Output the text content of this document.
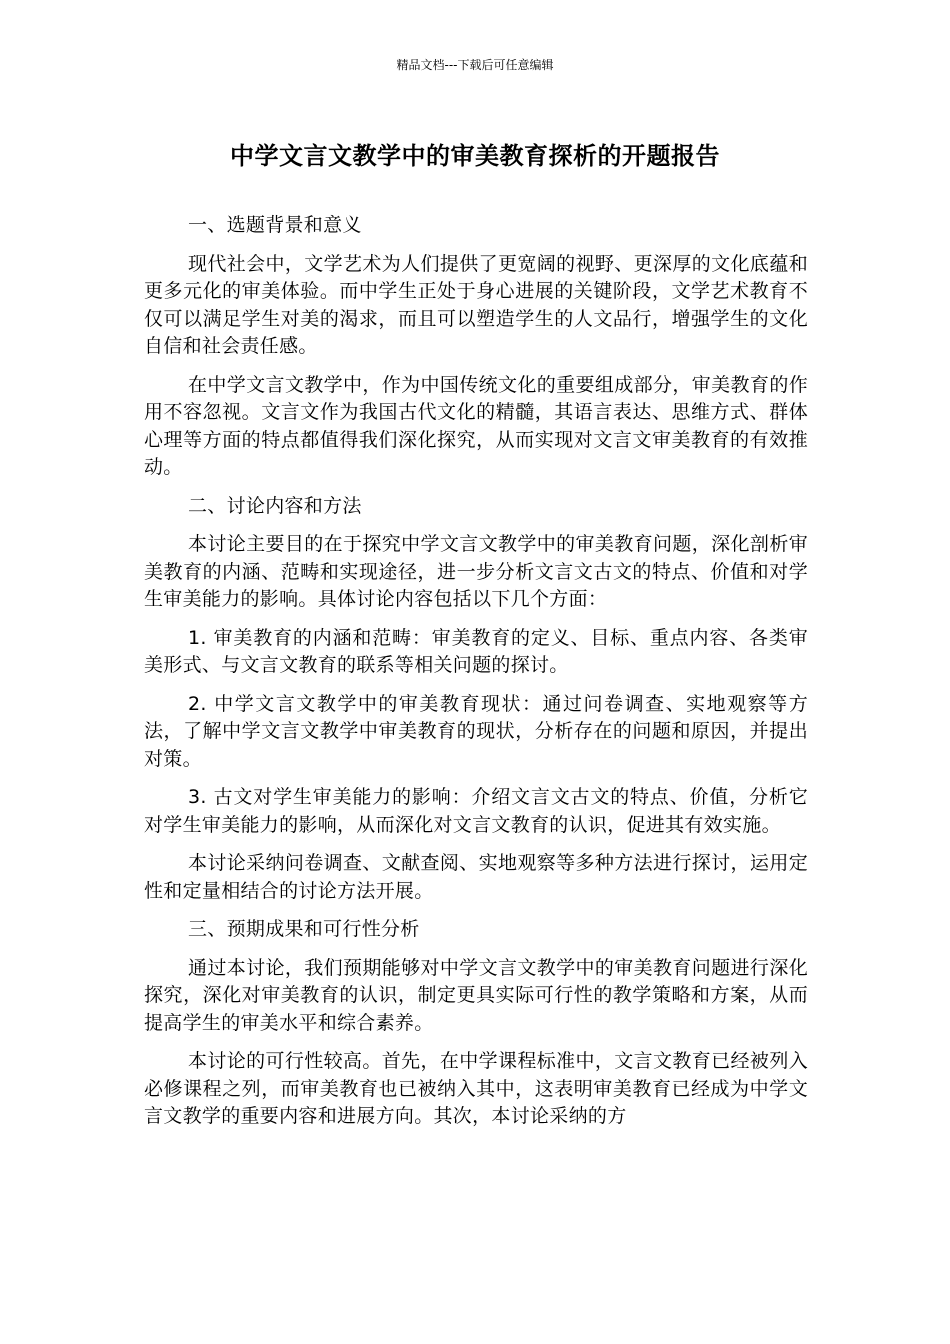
精品文档---下载后可任意编辑
中学文言文教学中的审美教育探析的开题报告

一、选题背景和意义

现代社会中，文学艺术为人们提供了更宽阔的视野、更深厚的文化底蕴和更多元化的审美体验。而中学生正处于身心进展的关键阶段，文学艺术教育不仅可以满足学生对美的渴求，而且可以塑造学生的人文品行，增强学生的文化自信和社会责任感。

在中学文言文教学中，作为中国传统文化的重要组成部分，审美教育的作用不容忽视。文言文作为我国古代文化的精髓，其语言表达、思维方式、群体心理等方面的特点都值得我们深化探究，从而实现对文言文审美教育的有效推动。

二、讨论内容和方法

本讨论主要目的在于探究中学文言文教学中的审美教育问题，深化剖析审美教育的内涵、范畴和实现途径，进一步分析文言文古文的特点、价值和对学生审美能力的影响。具体讨论内容包括以下几个方面：

1. 审美教育的内涵和范畴：审美教育的定义、目标、重点内容、各类审美形式、与文言文教育的联系等相关问题的探讨。

2. 中学文言文教学中的审美教育现状：通过问卷调查、实地观察等方法，了解中学文言文教学中审美教育的现状，分析存在的问题和原因，并提出对策。

3. 古文对学生审美能力的影响：介绍文言文古文的特点、价值，分析它对学生审美能力的影响，从而深化对文言文教育的认识，促进其有效实施。

本讨论采纳问卷调查、文献查阅、实地观察等多种方法进行探讨，运用定性和定量相结合的讨论方法开展。

三、预期成果和可行性分析

通过本讨论，我们预期能够对中学文言文教学中的审美教育问题进行深化探究，深化对审美教育的认识，制定更具实际可行性的教学策略和方案，从而提高学生的审美水平和综合素养。

本讨论的可行性较高。首先，在中学课程标准中，文言文教育已经被列入必修课程之列，而审美教育也已被纳入其中，这表明审美教育已经成为中学文言文教学的重要内容和进展方向。其次，本讨论采纳的方
